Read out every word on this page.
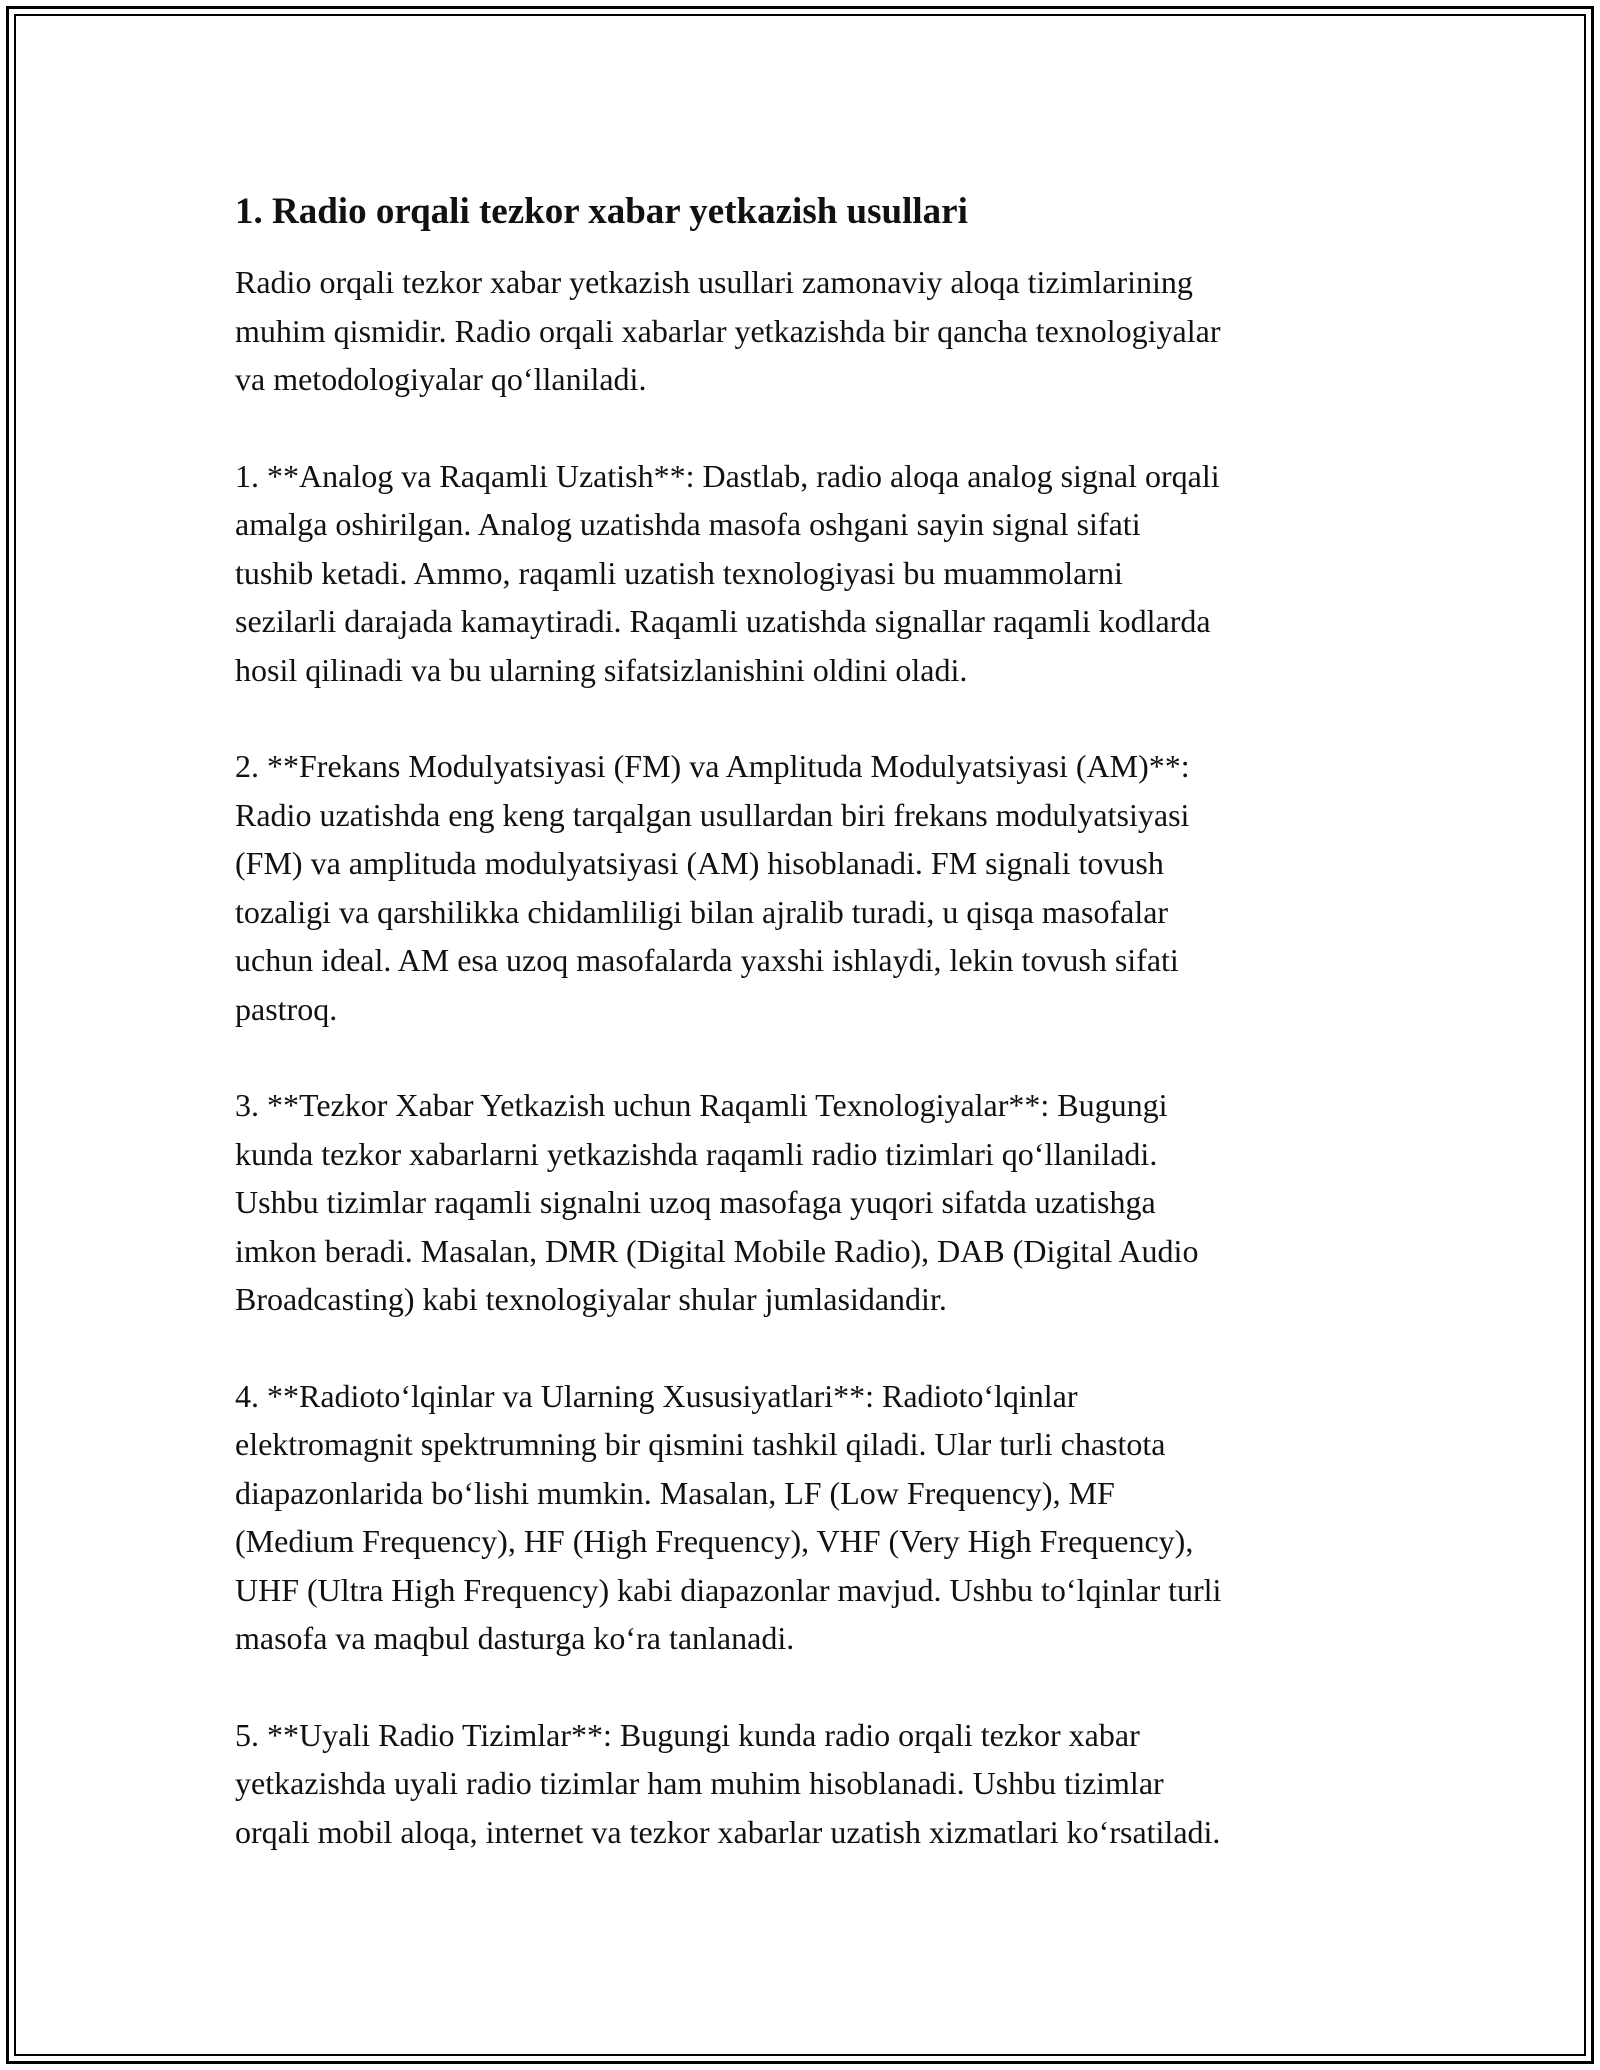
1. Radio orqali tezkor xabar yetkazish usullari
Radio orqali tezkor xabar yetkazish usullari zamonaviy aloqa tizimlarining
muhim qismidir. Radio orqali xabarlar yetkazishda bir qancha texnologiyalar
va metodologiyalar qo‘llaniladi.
1. **Analog va Raqamli Uzatish**: Dastlab, radio aloqa analog signal orqali
amalga oshirilgan. Analog uzatishda masofa oshgani sayin signal sifati
tushib ketadi. Ammo, raqamli uzatish texnologiyasi bu muammolarni
sezilarli darajada kamaytiradi. Raqamli uzatishda signallar raqamli kodlarda
hosil qilinadi va bu ularning sifatsizlanishini oldini oladi.
2. **Frekans Modulyatsiyasi (FM) va Amplituda Modulyatsiyasi (AM)**:
Radio uzatishda eng keng tarqalgan usullardan biri frekans modulyatsiyasi
(FM) va amplituda modulyatsiyasi (AM) hisoblanadi. FM signali tovush
tozaligi va qarshilikka chidamliligi bilan ajralib turadi, u qisqa masofalar
uchun ideal. AM esa uzoq masofalarda yaxshi ishlaydi, lekin tovush sifati
pastroq.
3. **Tezkor Xabar Yetkazish uchun Raqamli Texnologiyalar**: Bugungi
kunda tezkor xabarlarni yetkazishda raqamli radio tizimlari qo‘llaniladi.
Ushbu tizimlar raqamli signalni uzoq masofaga yuqori sifatda uzatishga
imkon beradi. Masalan, DMR (Digital Mobile Radio), DAB (Digital Audio
Broadcasting) kabi texnologiyalar shular jumlasidandir.
4. **Radioto‘lqinlar va Ularning Xususiyatlari**: Radioto‘lqinlar
elektromagnit spektrumning bir qismini tashkil qiladi. Ular turli chastota
diapazonlarida bo‘lishi mumkin. Masalan, LF (Low Frequency), MF
(Medium Frequency), HF (High Frequency), VHF (Very High Frequency),
UHF (Ultra High Frequency) kabi diapazonlar mavjud. Ushbu to‘lqinlar turli
masofa va maqbul dasturga ko‘ra tanlanadi.
5. **Uyali Radio Tizimlar**: Bugungi kunda radio orqali tezkor xabar
yetkazishda uyali radio tizimlar ham muhim hisoblanadi. Ushbu tizimlar
orqali mobil aloqa, internet va tezkor xabarlar uzatish xizmatlari ko‘rsatiladi.
